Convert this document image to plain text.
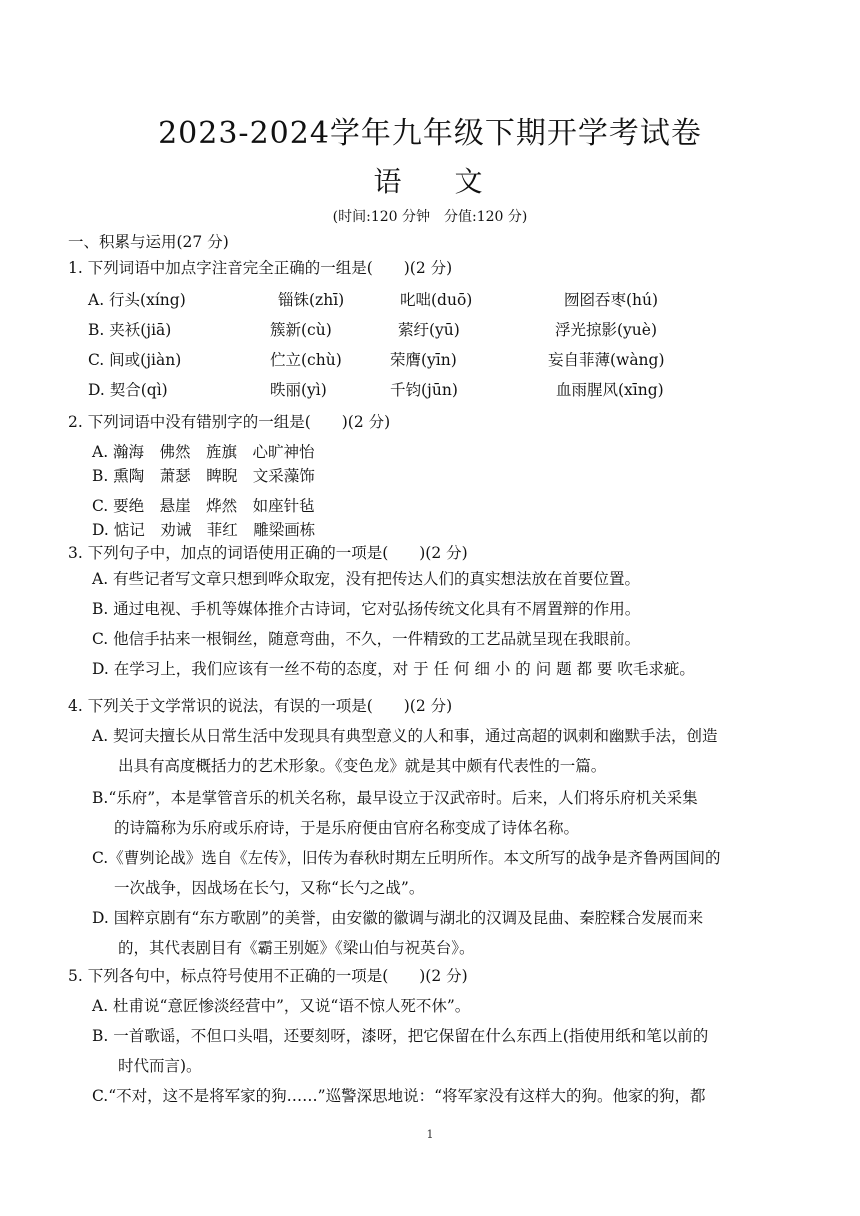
2023-2024学年九年级下期开学考试卷
语 文
(时间:120 分钟　分值:120 分)
一、积累与运用(27 分)
1. 下列词语中加点字注音完全正确的一组是(　　)(2 分)
A. 行头(xíng)	锱铢(zhī)	叱咄(duō)	囫囵吞枣(hú)
B. 夹袄(jiā)	簇新(cù)	萦纡(yū)	浮光掠影(yuè)
C. 间或(jiàn)	伫立(chù)	荣膺(yīn)	妄自菲薄(wàng)
D. 契合(qì)	昳丽(yì)	千钧(jūn)	血雨腥风(xīng)
2. 下列词语中没有错别字的一组是(　　)(2 分)
A. 瀚海　佛然　旌旗　心旷神怡
B. 熏陶　萧瑟　睥睨　文采藻饰
C. 要绝　悬崖　烨然　如座针毡
D. 惦记　劝诫　菲红　雕梁画栋
3. 下列句子中，加点的词语使用正确的一项是(　　)(2 分)
A. 有些记者写文章只想到哗众取宠，没有把传达人们的真实想法放在首要位置。
B. 通过电视、手机等媒体推介古诗词，它对弘扬传统文化具有不屑置辩的作用。
C. 他信手拈来一根铜丝，随意弯曲，不久，一件精致的工艺品就呈现在我眼前。
D. 在学习上，我们应该有一丝不苟的态度，对 于 任 何 细 小 的 问 题 都 要 吹毛求疵。
4. 下列关于文学常识的说法，有误的一项是(　　)(2 分)
A. 契诃夫擅长从日常生活中发现具有典型意义的人和事，通过高超的讽刺和幽默手法，创造
出具有高度概括力的艺术形象。《变色龙》就是其中颇有代表性的一篇。
B.“乐府”，本是掌管音乐的机关名称，最早设立于汉武帝时。后来，人们将乐府机关采集
的诗篇称为乐府或乐府诗，于是乐府便由官府名称变成了诗体名称。
C.《曹刿论战》选自《左传》，旧传为春秋时期左丘明所作。本文所写的战争是齐鲁两国间的
一次战争，因战场在长勺，又称“长勺之战”。
D. 国粹京剧有“东方歌剧”的美誉，由安徽的徽调与湖北的汉调及昆曲、秦腔糅合发展而来
的，其代表剧目有《霸王别姬》《梁山伯与祝英台》。
5. 下列各句中，标点符号使用不正确的一项是(　　)(2 分)
A. 杜甫说“意匠惨淡经营中”，又说“语不惊人死不休”。
B. 一首歌谣，不但口头唱，还要刻呀，漆呀，把它保留在什么东西上(指使用纸和笔以前的
时代而言)。
C.“不对，这不是将军家的狗……”巡警深思地说：“将军家没有这样大的狗。他家的狗，都
1
